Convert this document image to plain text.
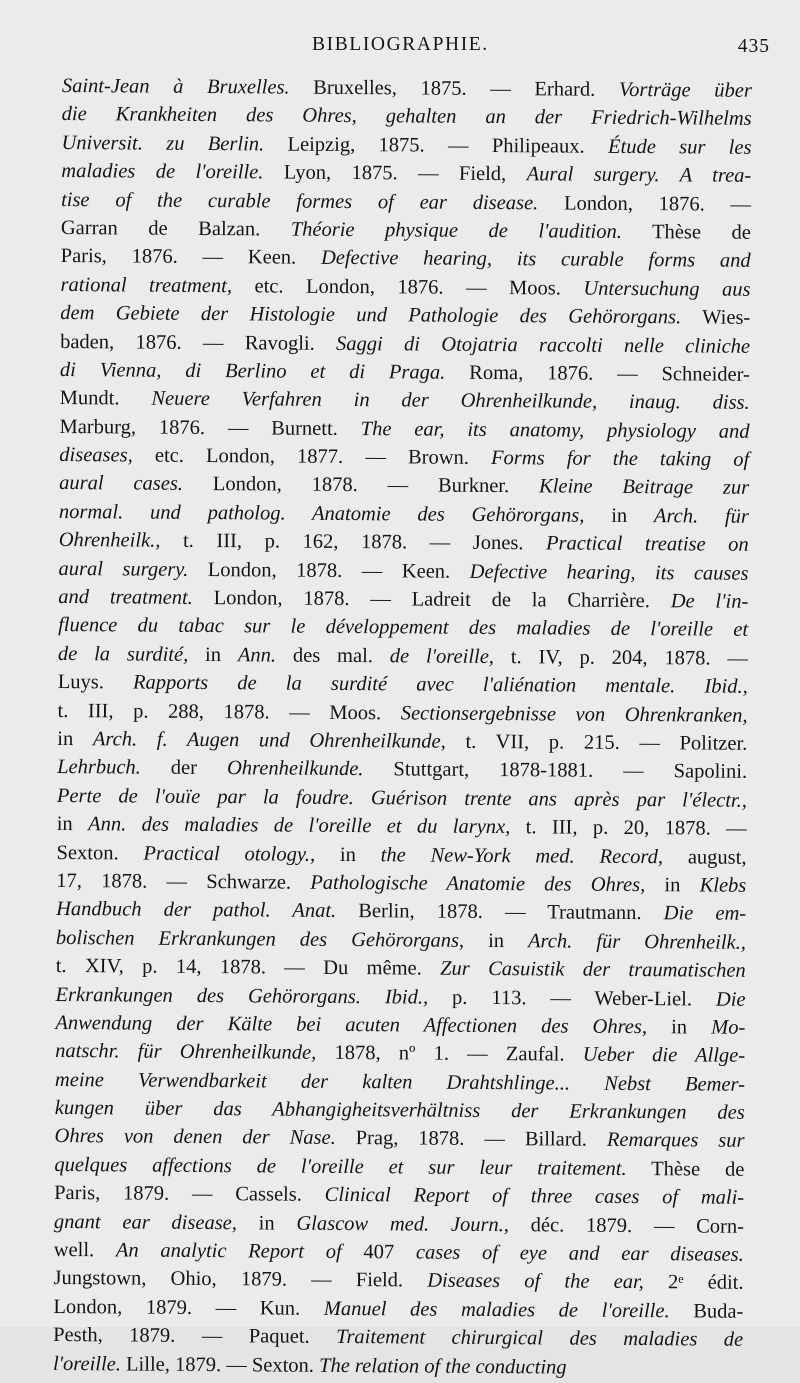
BIBLIOGRAPHIE.	435
Saint-Jean à Bruxelles. Bruxelles, 1875. — Erhard. Vorträge über
die Krankheiten des Ohres, gehalten an der Friedrich-Wilhelms
Universit. zu Berlin. Leipzig, 1875. — Philipeaux. Étude sur les
maladies de l'oreille. Lyon, 1875. — Field, Aural surgery. A trea-
tise of the curable formes of ear disease. London, 1876. —
Garran de Balzan. Théorie physique de l'audition. Thèse de
Paris, 1876. — Keen. Defective hearing, its curable forms and
rational treatment, etc. London, 1876. — Moos. Untersuchung aus
dem Gebiete der Histologie und Pathologie des Gehörorgans. Wies-
baden, 1876. — Ravogli. Saggi di Otojatria raccolti nelle cliniche
di Vienna, di Berlino et di Praga. Roma, 1876. — Schneider-
Mundt. Neuere Verfahren in der Ohrenheilkunde, inaug. diss.
Marburg, 1876. — Burnett. The ear, its anatomy, physiology and
diseases, etc. London, 1877. — Brown. Forms for the taking of
aural cases. London, 1878. — Burkner. Kleine Beitrage zur
normal. und patholog. Anatomie des Gehörorgans, in Arch. für
Ohrenheilk., t. III, p. 162, 1878. — Jones. Practical treatise on
aural surgery. London, 1878. — Keen. Defective hearing, its causes
and treatment. London, 1878. — Ladreit de la Charrière. De l'in-
fluence du tabac sur le développement des maladies de l'oreille et
de la surdité, in Ann. des mal. de l'oreille, t. IV, p. 204, 1878. —
Luys. Rapports de la surdité avec l'aliénation mentale. Ibid.,
t. III, p. 288, 1878. — Moos. Sectionsergebnisse von Ohrenkranken,
in Arch. f. Augen und Ohrenheilkunde, t. VII, p. 215. — Politzer.
Lehrbuch. der Ohrenheilkunde. Stuttgart, 1878-1881. — Sapolini.
Perte de l'ouïe par la foudre. Guérison trente ans après par l'électr.,
in Ann. des maladies de l'oreille et du larynx, t. III, p. 20, 1878. —
Sexton. Practical otology., in the New-York med. Record, august,
17, 1878. — Schwarze. Pathologische Anatomie des Ohres, in Klebs
Handbuch der pathol. Anat. Berlin, 1878. — Trautmann. Die em-
bolischen Erkrankungen des Gehörorgans, in Arch. für Ohrenheilk.,
t. XIV, p. 14, 1878. — Du même. Zur Casuistik der traumatischen
Erkrankungen des Gehörorgans. Ibid., p. 113. — Weber-Liel. Die
Anwendung der Kälte bei acuten Affectionen des Ohres, in Mo-
natschr. für Ohrenheilkunde, 1878, nº 1. — Zaufal. Ueber die Allge-
meine Verwendbarkeit der kalten Drahtshlinge... Nebst Bemer-
kungen über das Abhangigheitsverhältniss der Erkrankungen des
Ohres von denen der Nase. Prag, 1878. — Billard. Remarques sur
quelques affections de l'oreille et sur leur traitement. Thèse de
Paris, 1879. — Cassels. Clinical Report of three cases of mali-
gnant ear disease, in Glascow med. Journ., déc. 1879. — Corn-
well. An analytic Report of 407 cases of eye and ear diseases.
Jungstown, Ohio, 1879. — Field. Diseases of the ear, 2ᵉ édit.
London, 1879. — Kun. Manuel des maladies de l'oreille. Buda-
Pesth, 1879. — Paquet. Traitement chirurgical des maladies de
l'oreille. Lille, 1879. — Sexton. The relation of the conducting
